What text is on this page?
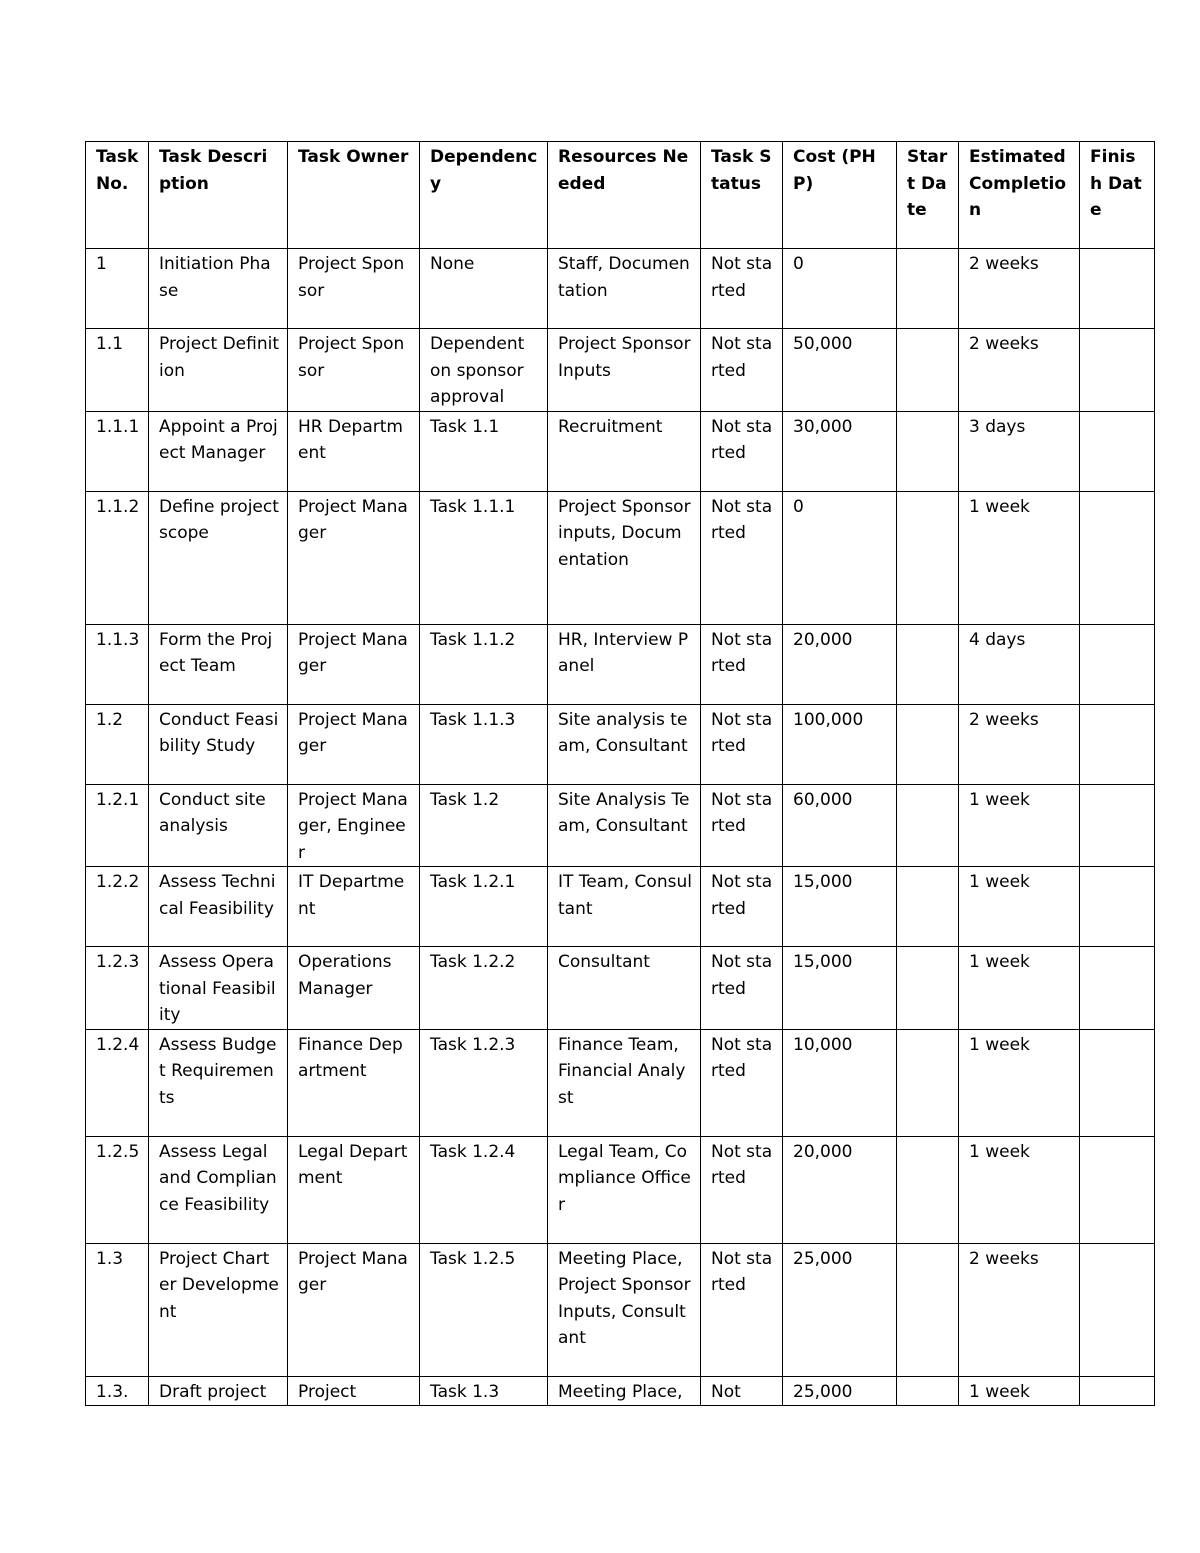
Task No.	Task Description	Task Owner	Dependency	Resources Needed	Task Status	Cost (PHP)	Start Date	Estimated Completion	Finish Date
1	Initiation Phase	Project Sponsor	None	Staff, Documentation	Not started	0		2 weeks	
1.1	Project Definition	Project Sponsor	Dependent on sponsor approval	Project Sponsor Inputs	Not started	50,000		2 weeks	
1.1.1	Appoint a Project Manager	HR Department	Task 1.1	Recruitment	Not started	30,000		3 days	
1.1.2	Define project scope	Project Manager	Task 1.1.1	Project Sponsor inputs, Documentation	Not started	0		1 week	
1.1.3	Form the Project Team	Project Manager	Task 1.1.2	HR, Interview Panel	Not started	20,000		4 days	
1.2	Conduct Feasibility Study	Project Manager	Task 1.1.3	Site analysis team, Consultant	Not started	100,000		2 weeks	
1.2.1	Conduct site analysis	Project Manager, Engineer	Task 1.2	Site Analysis Team, Consultant	Not started	60,000		1 week	
1.2.2	Assess Technical Feasibility	IT Department	Task 1.2.1	IT Team, Consultant	Not started	15,000		1 week	
1.2.3	Assess Operational Feasibility	Operations Manager	Task 1.2.2	Consultant	Not started	15,000		1 week	
1.2.4	Assess Budget Requirements	Finance Department	Task 1.2.3	Finance Team, Financial Analyst	Not started	10,000		1 week	
1.2.5	Assess Legal and Compliance Feasibility	Legal Department	Task 1.2.4	Legal Team, Compliance Officer	Not started	20,000		1 week	
1.3	Project Charter Development	Project Manager	Task 1.2.5	Meeting Place, Project Sponsor Inputs, Consultant	Not started	25,000		2 weeks	
1.3.	Draft project	Project	Task 1.3	Meeting Place,	Not	25,000		1 week	
